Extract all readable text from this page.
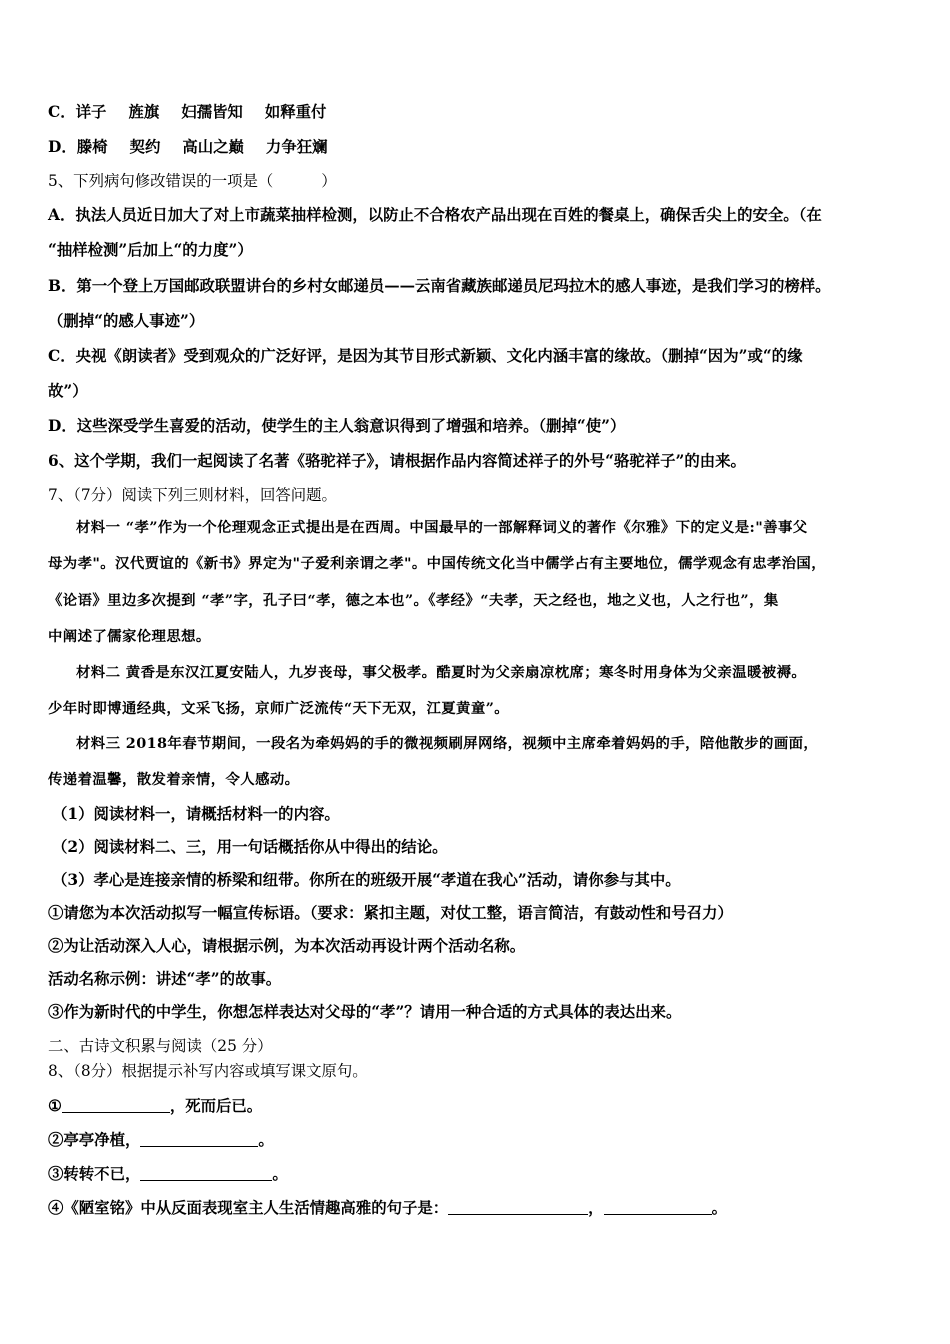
C．详子 旌旗 妇孺皆知 如释重付
D．滕椅 契约 高山之巅 力争狂斓
5、下列病句修改错误的一项是（	）
A．执法人员近日加大了对上市蔬菜抽样检测，以防止不合格农产品出现在百姓的餐桌上，确保舌尖上的安全。（在
“抽样检测”后加上“的力度”）
B．第一个登上万国邮政联盟讲台的乡村女邮递员——云南省藏族邮递员尼玛拉木的感人事迹，是我们学习的榜样。
（删掉“的感人事迹”）
C．央视《朗读者》受到观众的广泛好评，是因为其节目形式新颖、文化内涵丰富的缘故。（删掉“因为”或“的缘
故”）
D．这些深受学生喜爱的活动，使学生的主人翁意识得到了增强和培养。（删掉“使”）
6、这个学期，我们一起阅读了名著《骆驼祥子》，请根据作品内容简述祥子的外号“骆驼祥子”的由来。
7、（7分）阅读下列三则材料，回答问题。
材料一 “孝”作为一个伦理观念正式提出是在西周。中国最早的一部解释词义的著作《尔雅》下的定义是:"善事父
母为孝"。汉代贾谊的《新书》界定为"子爱利亲谓之孝"。中国传统文化当中儒学占有主要地位，儒学观念有忠孝治国，
《论语》里边多次提到 “孝”字，孔子曰“孝，德之本也”。《孝经》“夫孝，天之经也，地之义也，人之行也”，集
中阐述了儒家伦理思想。
材料二 黄香是东汉江夏安陆人，九岁丧母，事父极孝。酷夏时为父亲扇凉枕席；寒冬时用身体为父亲温暖被褥。
少年时即博通经典，文采飞扬，京师广泛流传“天下无双，江夏黄童”。
材料三 2018年春节期间，一段名为牵妈妈的手的微视频刷屏网络，视频中主席牵着妈妈的手，陪他散步的画面，
传递着温馨，散发着亲情，令人感动。
（1）阅读材料一，请概括材料一的内容。
（2）阅读材料二、三，用一句话概括你从中得出的结论。
（3）孝心是连接亲情的桥梁和纽带。你所在的班级开展“孝道在我心”活动，请你参与其中。
①请您为本次活动拟写一幅宣传标语。（要求：紧扣主题，对仗工整，语言简洁，有鼓动性和号召力）
②为让活动深入人心，请根据示例，为本次活动再设计两个活动名称。
活动名称示例：讲述“孝”的故事。
③作为新时代的中学生，你想怎样表达对父母的“孝”？请用一种合适的方式具体的表达出来。
二、古诗文积累与阅读（25 分）
8、（8分）根据提示补写内容或填写课文原句。
①	，死而后已。
②亭亭净植，	。
③转转不已，	。
④《陋室铭》中从反面表现室主人生活情趣高雅的句子是：	，	。
